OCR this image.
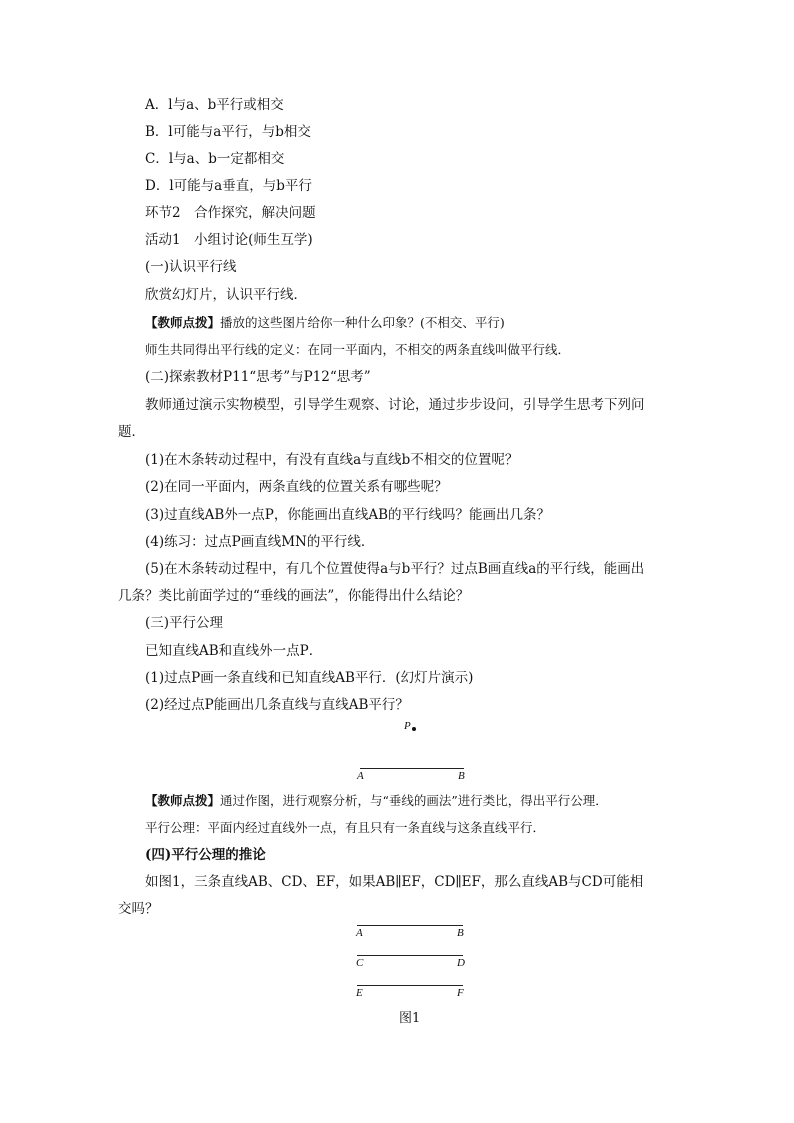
A．l与a、b平行或相交
B．l可能与a平行，与b相交
C．l与a、b一定都相交
D．l可能与a垂直，与b平行
环节2　合作探究，解决问题
活动1　小组讨论(师生互学)
(一)认识平行线
欣赏幻灯片，认识平行线．
【教师点拨】播放的这些图片给你一种什么印象？(不相交、平行)
师生共同得出平行线的定义：在同一平面内，不相交的两条直线叫做平行线．
(二)探索教材P11“思考”与P12“思考”
教师通过演示实物模型，引导学生观察、讨论，通过步步设问，引导学生思考下列问
题．
(1)在木条转动过程中，有没有直线a与直线b不相交的位置呢？
(2)在同一平面内，两条直线的位置关系有哪些呢？
(3)过直线AB外一点P，你能画出直线AB的平行线吗？能画出几条？
(4)练习：过点P画直线MN的平行线．
(5)在木条转动过程中，有几个位置使得a与b平行？过点B画直线a的平行线，能画出
几条？类比前面学过的“垂线的画法”，你能得出什么结论？
(三)平行公理
已知直线AB和直线外一点P．
(1)过点P画一条直线和已知直线AB平行．(幻灯片演示)
(2)经过点P能画出几条直线与直线AB平行？
P
A	B
【教师点拨】通过作图，进行观察分析，与“垂线的画法”进行类比，得出平行公理．
平行公理：平面内经过直线外一点，有且只有一条直线与这条直线平行．
(四)平行公理的推论
如图1，三条直线AB、CD、EF，如果AB∥EF，CD∥EF，那么直线AB与CD可能相
交吗？
A	B
C	D
E	F
图1
